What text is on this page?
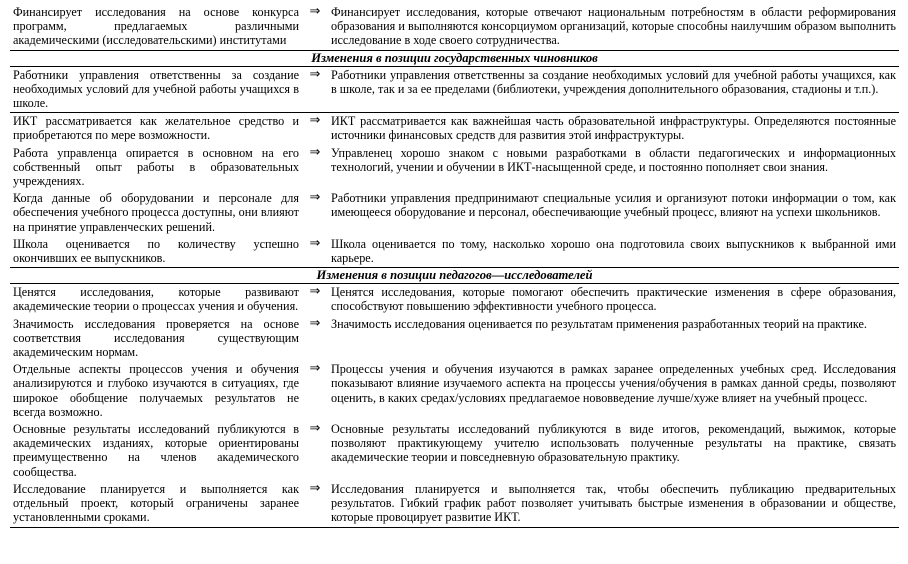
Финансирует исследования на основе конкурса программ, предлагаемых различными академическими (исследовательскими) институтами
⇒ Финансирует исследования, которые отвечают национальным потребностям в области реформирования образования и выполняются консорциумом организаций, которые способны наилучшим образом выполнить исследование в ходе своего сотрудничества.
Изменения в позиции государственных чиновников
Работники управления ответственны за создание необходимых условий для учебной работы учащихся в школе.
⇒ Работники управления ответственны за создание необходимых условий для учебной работы учащихся, как в школе, так и за ее пределами (библиотеки, учреждения дополнительного образования, стадионы и т.п.).
ИКТ рассматривается как желательное средство и приобретаются по мере возможности.
⇒ ИКТ рассматривается как важнейшая часть образовательной инфраструктуры. Определяются постоянные источники финансовых средств для развития этой инфраструктуры.
Работа управленца опирается в основном на его собственный опыт работы в образовательных учреждениях.
⇒ Управленец хорошо знаком с новыми разработками в области педагогических и информационных технологий, учении и обучении в ИКТ-насыщенной среде, и постоянно пополняет свои знания.
Когда данные об оборудовании и персонале для обеспечения учебного процесса доступны, они влияют на принятие управленческих решений.
⇒ Работники управления предпринимают специальные усилия и организуют потоки информации о том, как имеющееся оборудование и персонал, обеспечивающие учебный процесс, влияют на успехи школьников.
Школа оценивается по количеству успешно окончивших ее выпускников.
⇒ Школа оценивается по тому, насколько хорошо она подготовила своих выпускников к выбранной ими карьере.
Изменения в позиции педагогов—исследователей
Ценятся исследования, которые развивают академические теории о процессах учения и обучения.
⇒ Ценятся исследования, которые помогают обеспечить практические изменения в сфере образования, способствуют повышению эффективности учебного процесса.
Значимость исследования проверяется на основе соответствия исследования существующим академическим нормам.
⇒ Значимость исследования оценивается по результатам применения разработанных теорий на практике.
Отдельные аспекты процессов учения и обучения анализируются и глубоко изучаются в ситуациях, где широкое обобщение получаемых результатов не всегда возможно.
⇒ Процессы учения и обучения изучаются в рамках заранее определенных учебных сред. Исследования показывают влияние изучаемого аспекта на процессы учения/обучения в рамках данной среды, позволяют оценить, в каких средах/условиях предлагаемое нововведение лучше/хуже влияет на учебный процесс.
Основные результаты исследований публикуются в академических изданиях, которые ориентированы преимущественно на членов академического сообщества.
⇒ Основные результаты исследований публикуются в виде итогов, рекомендаций, выжимок, которые позволяют практикующему учителю использовать полученные результаты на практике, связать академические теории и повседневную образовательную практику.
Исследование планируется и выполняется как отдельный проект, который ограничены заранее установленными сроками.
⇒ Исследования планируется и выполняется так, чтобы обеспечить публикацию предварительных результатов. Гибкий график работ позволяет учитывать быстрые изменения в образовании и обществе, которые провоцирует развитие ИКТ.
